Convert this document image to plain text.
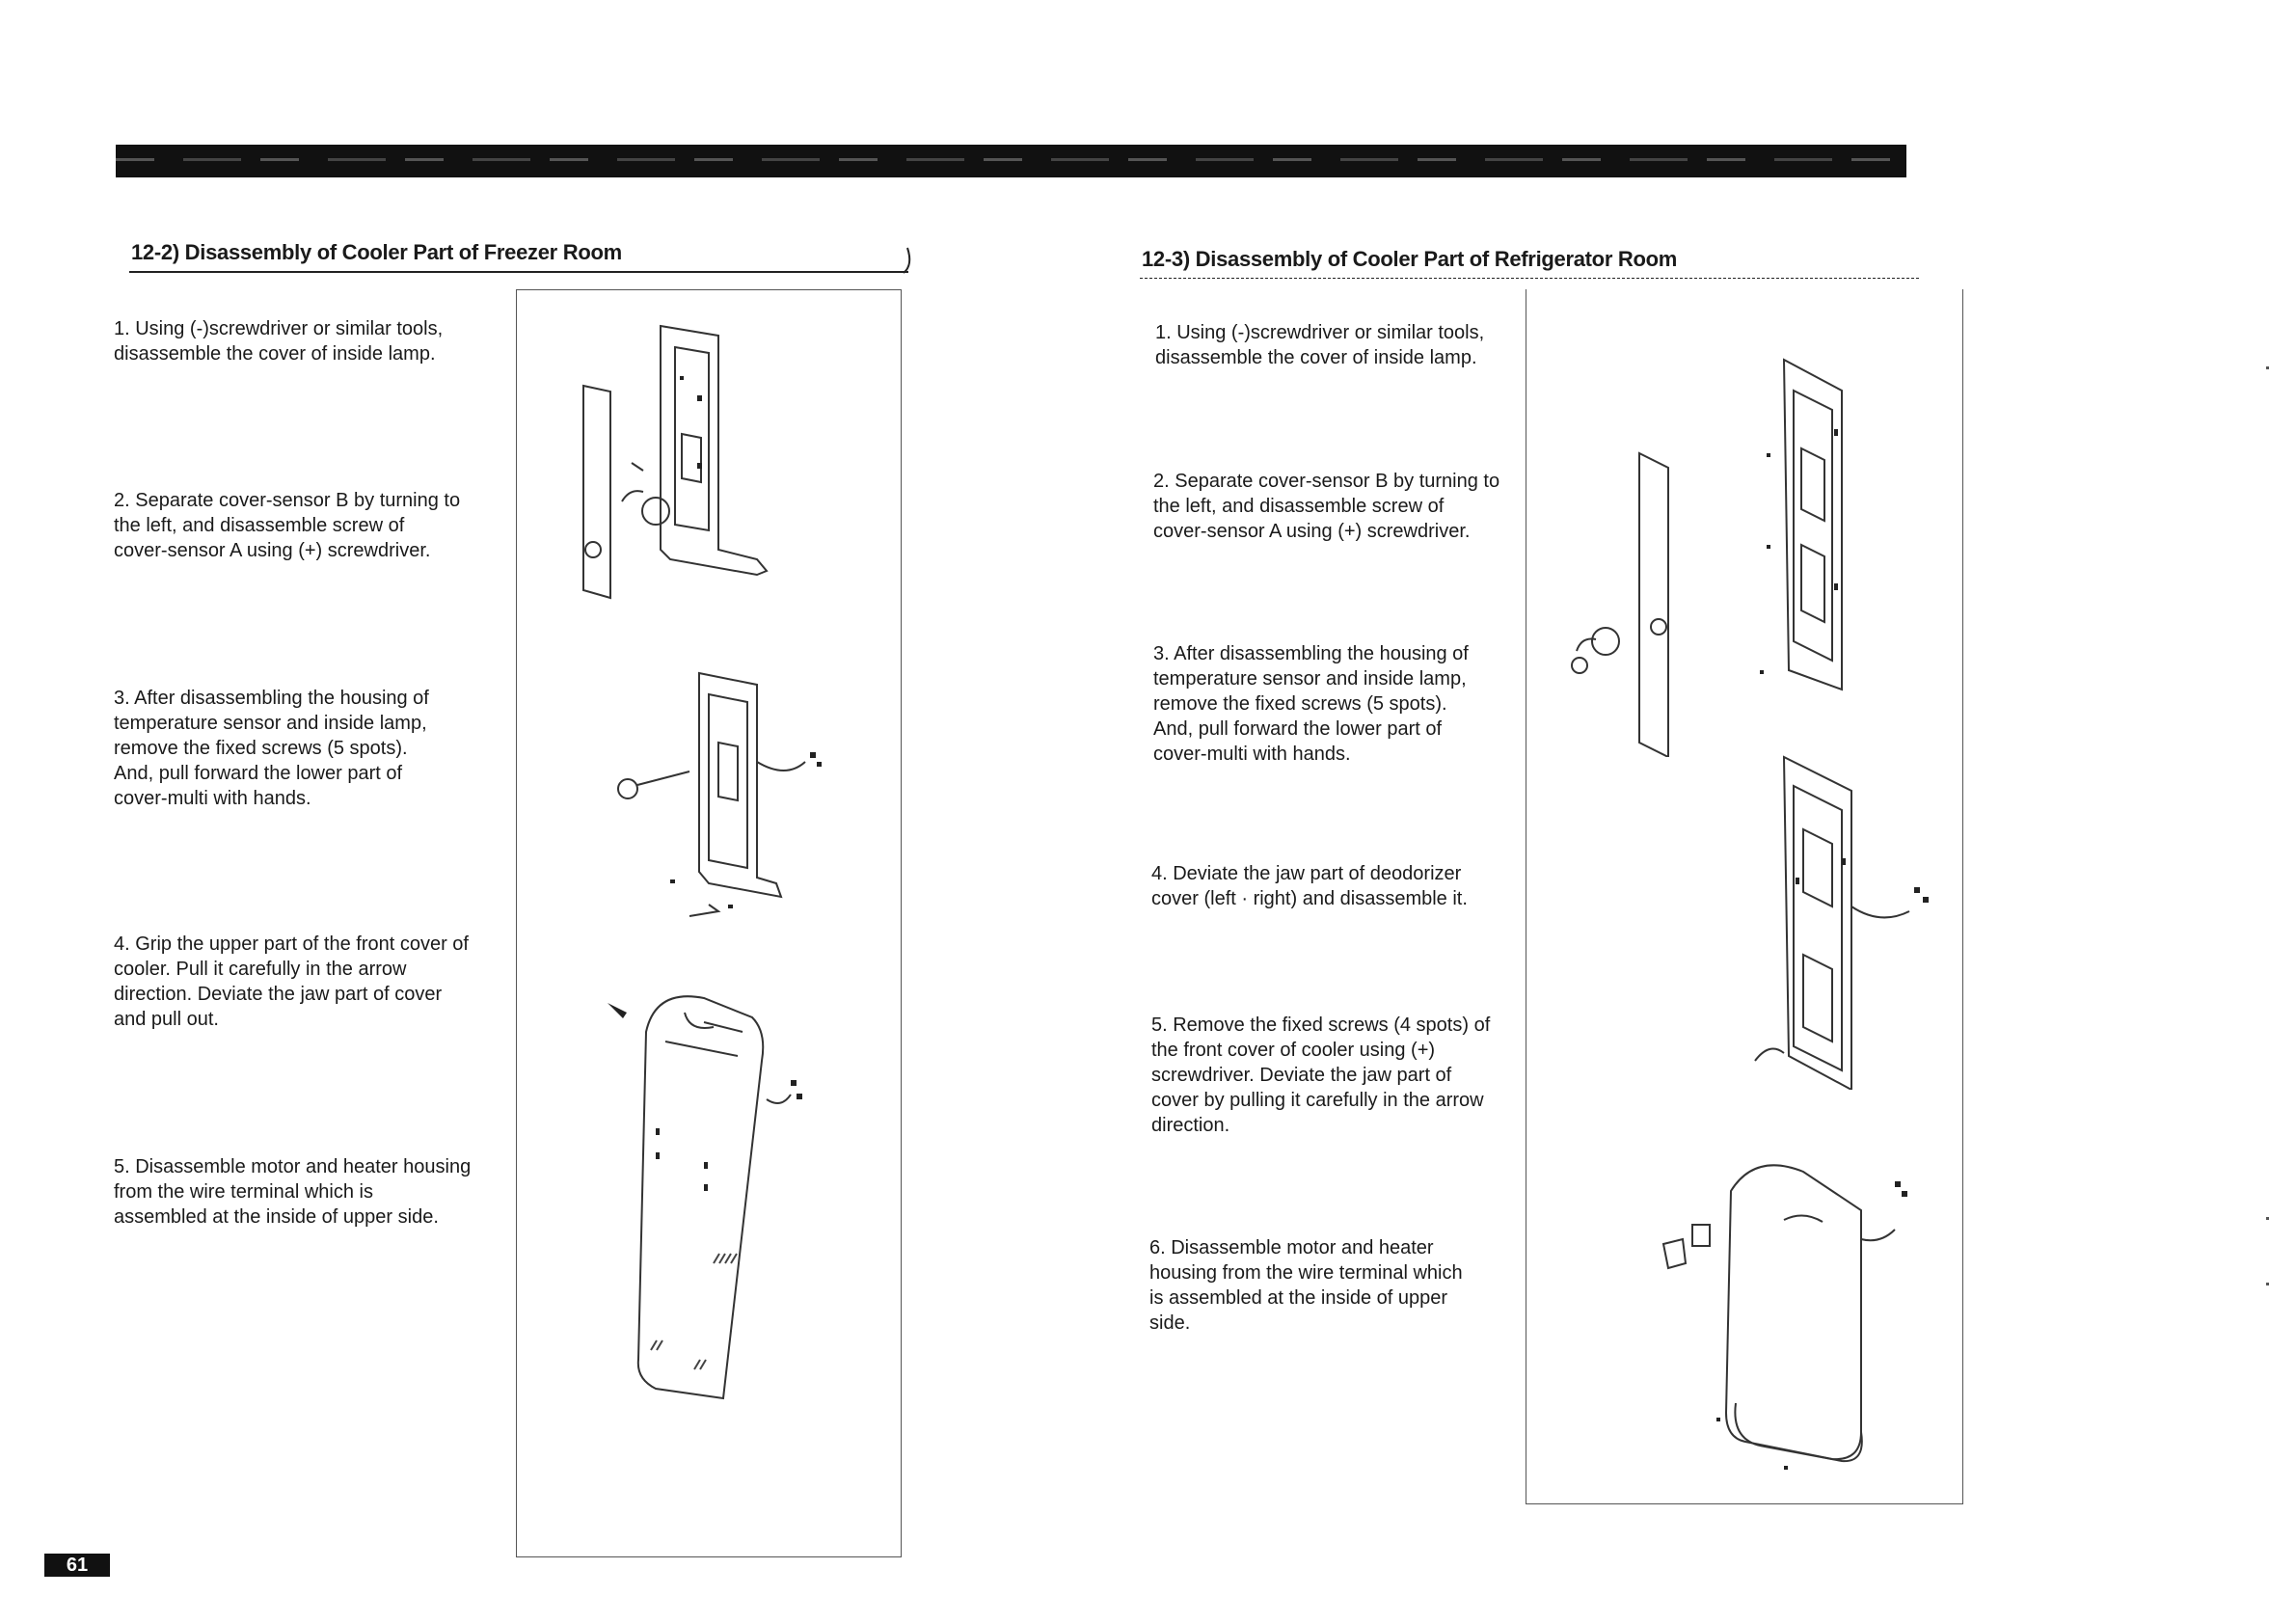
12-2) Disassembly of Cooler Part of Freezer Room
1. Using (-)screwdriver or similar tools,
disassemble the cover of inside lamp.
2. Separate cover-sensor B by turning to
the left, and disassemble screw of
cover-sensor A using (+) screwdriver.
3. After disassembling the housing of
temperature sensor and inside lamp,
remove the fixed screws (5 spots).
And, pull forward the lower part of
cover-multi with hands.
4. Grip the upper part of the front cover of
cooler. Pull it carefully in the arrow
direction. Deviate the jaw part of cover
and pull out.
5. Disassemble motor and heater housing
from the wire terminal which is
assembled at the inside of upper side.
61
12-3) Disassembly of Cooler Part of Refrigerator Room
1. Using (-)screwdriver or similar tools,
disassemble the cover of inside lamp.
2. Separate cover-sensor B by turning to
the left, and disassemble screw of
cover-sensor A using (+) screwdriver.
3. After disassembling the housing of
temperature sensor and inside lamp,
remove the fixed screws (5 spots).
And, pull forward the lower part of
cover-multi with hands.
4. Deviate the jaw part of deodorizer
cover (left · right) and disassemble it.
5. Remove the fixed screws (4 spots) of
the front cover of cooler using (+)
screwdriver. Deviate the jaw part of
cover by pulling it carefully in the arrow
direction.
6. Disassemble motor and heater
housing from the wire terminal which
is assembled at the inside of upper
side.
